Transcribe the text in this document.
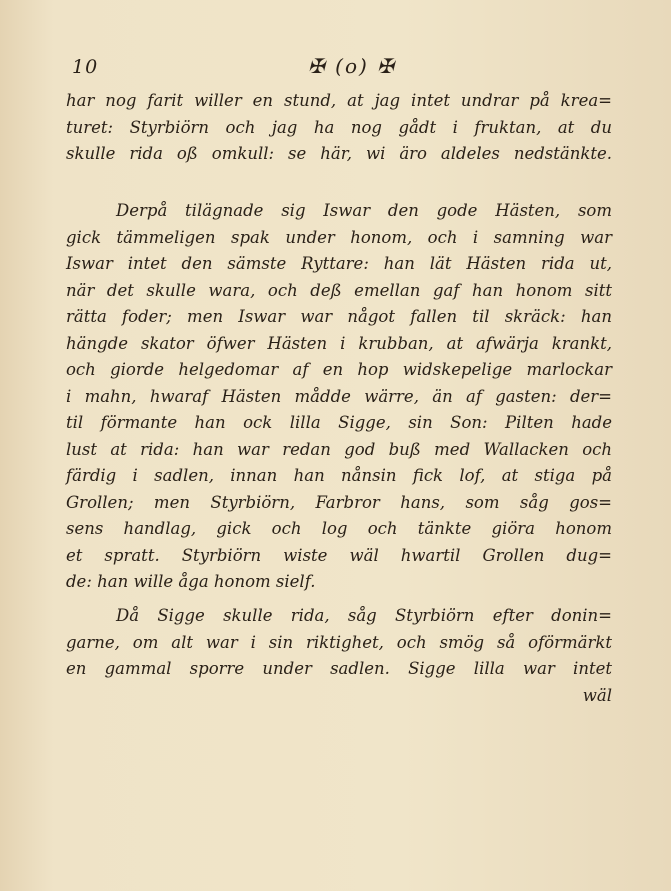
10	✠ (o) ✠
har nog farit willer en stund, at jag intet undrar på krea=
turet: Styrbiörn och jag ha nog gådt i fruktan, at du
skulle rida oß omkull: se här, wi äro aldeles nedstänkte.
Derpå tilägnade sig Iswar den gode Hästen, som
gick tämmeligen spak under honom, och i samning war
Iswar intet den sämste Ryttare: han lät Hästen rida ut,
när det skulle wara, och deß emellan gaf han honom sitt
rätta foder; men Iswar war något fallen til skräck: han
hängde skator öfwer Hästen i krubban, at afwärja krankt,
och giorde helgedomar af en hop widskepelige marlockar
i mahn, hwaraf Hästen mådde wärre, än af gasten: der=
til förmante han ock lilla Sigge, sin Son: Pilten hade
lust at rida: han war redan god buß med Wallacken och
färdig i sadlen, innan han nånsin fick lof, at stiga på
Grollen; men Styrbiörn, Farbror hans, som såg gos=
sens handlag, gick och log och tänkte giöra honom
et spratt. Styrbiörn wiste wäl hwartil Grollen dug=
de: han wille åga honom sielf.
Då Sigge skulle rida, såg Styrbiörn efter donin=
garne, om alt war i sin riktighet, och smög så oförmärkt
en gammal sporre under sadlen. Sigge lilla war intet
wäl
